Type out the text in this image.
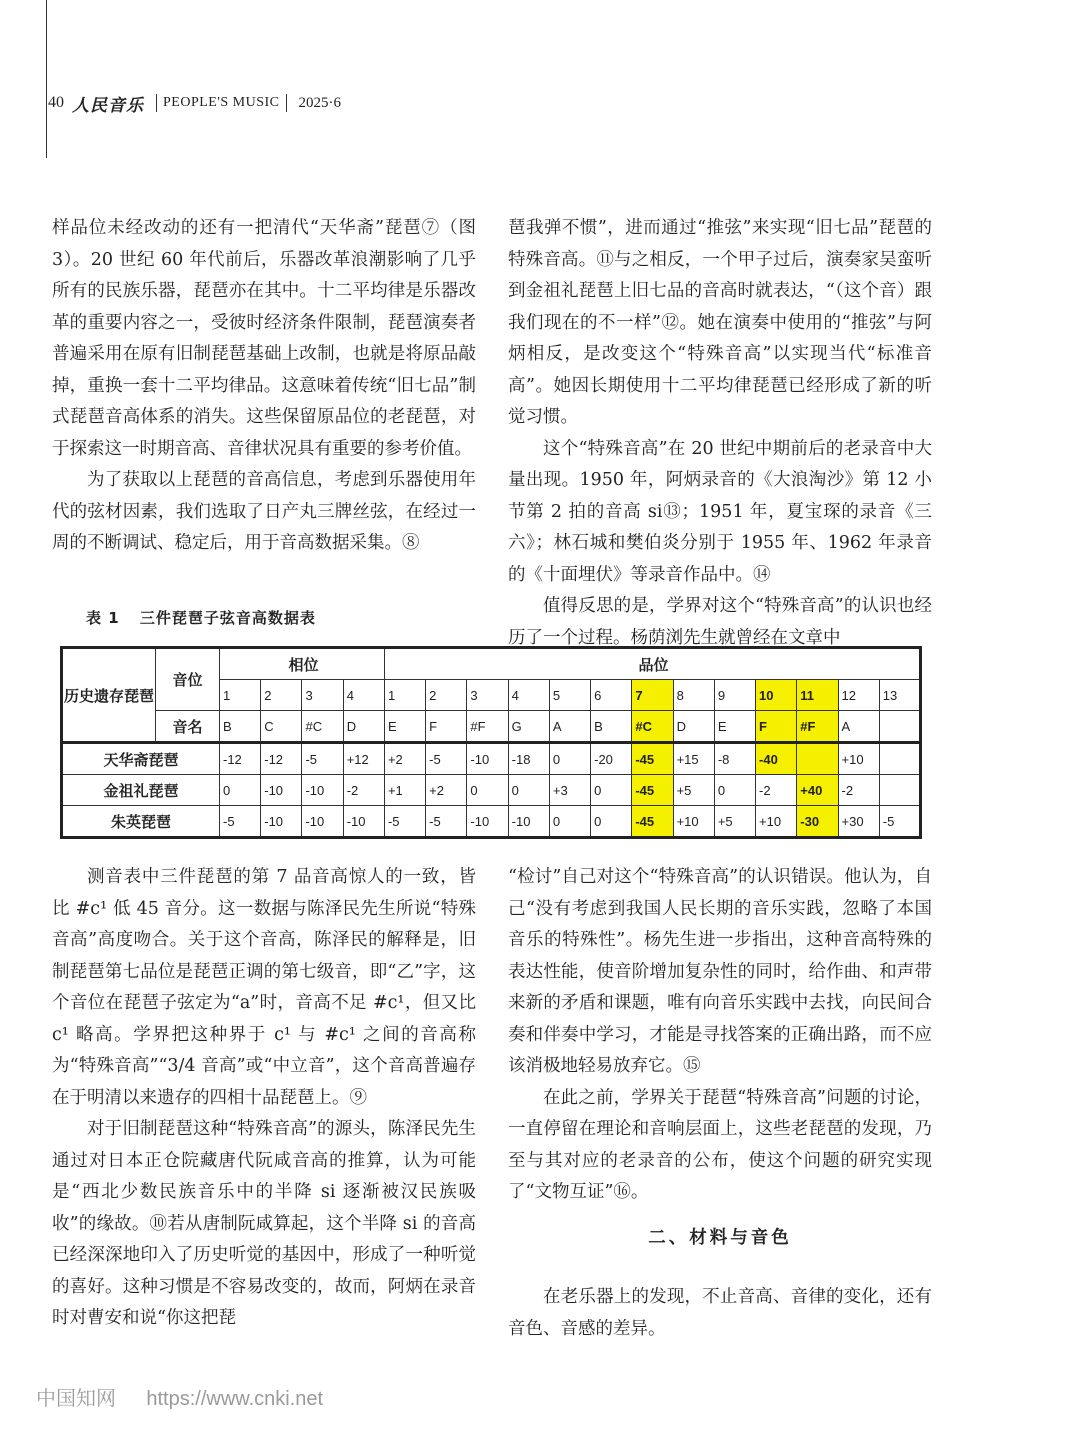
40 人民音乐 PEOPLE'S MUSIC 2025·6

样品位未经改动的还有一把清代“天华斋”琵琶⑦（图 3）。20 世纪 60 年代前后，乐器改革浪潮影响了几乎所有的民族乐器，琵琶亦在其中。十二平均律是乐器改革的重要内容之一，受彼时经济条件限制，琵琶演奏者普遍采用在原有旧制琵琶基础上改制，也就是将原品敲掉，重换一套十二平均律品。这意味着传统“旧七品”制式琵琶音高体系的消失。这些保留原品位的老琵琶，对于探索这一时期音高、音律状况具有重要的参考价值。

为了获取以上琵琶的音高信息，考虑到乐器使用年代的弦材因素，我们选取了日产丸三牌丝弦，在经过一周的不断调试、稳定后，用于音高数据采集。⑧

琶我弹不惯”，进而通过“推弦”来实现“旧七品”琵琶的特殊音高。⑪与之相反，一个甲子过后，演奏家吴蛮听到金祖礼琵琶上旧七品的音高时就表达，“（这个音）跟我们现在的不一样”⑫。她在演奏中使用的“推弦”与阿炳相反，是改变这个“特殊音高”以实现当代“标准音高”。她因长期使用十二平均律琵琶已经形成了新的听觉习惯。

这个“特殊音高”在 20 世纪中期前后的老录音中大量出现。1950 年，阿炳录音的《大浪淘沙》第 12 小节第 2 拍的音高 si⑬；1951 年，夏宝琛的录音《三六》；林石城和樊伯炎分别于 1955 年、1962 年录音的《十面埋伏》等录音作品中。⑭

值得反思的是，学界对这个“特殊音高”的认识也经历了一个过程。杨荫浏先生就曾经在文章中

表 1 三件琵琶子弦音高数据表
历史遗存琵琶	音位	相位				品位												
		1	2	3	4	1	2	3	4	5	6	7	8	9	10	11	12	13
	音名	B	C	#C	D	E	F	#F	G	A	B	#C	D	E	F	#F	A	
天华斋琵琶		-12	-12	-5	+12	+2	-5	-10	-18	0	-20	-45	+15	-8	-40		+10	
金祖礼琵琶		0	-10	-10	-2	+1	+2	0	0	+3	0	-45	+5	0	-2	+40	-2	
朱英琵琶		-5	-10	-10	-10	-5	-5	-10	-10	0	0	-45	+10	+5	+10	-30	+30	-5

测音表中三件琵琶的第 7 品音高惊人的一致，皆比 #c¹ 低 45 音分。这一数据与陈泽民先生所说“特殊音高”高度吻合。关于这个音高，陈泽民的解释是，旧制琵琶第七品位是琵琶正调的第七级音，即“乙”字，这个音位在琵琶子弦定为“a”时，音高不足 #c¹，但又比 c¹ 略高。学界把这种界于 c¹ 与 #c¹ 之间的音高称为“特殊音高”“3/4 音高”或“中立音”，这个音高普遍存在于明清以来遗存的四相十品琵琶上。⑨

对于旧制琵琶这种“特殊音高”的源头，陈泽民先生通过对日本正仓院藏唐代阮咸音高的推算，认为可能是“西北少数民族音乐中的半降 si 逐渐被汉民族吸收”的缘故。⑩若从唐制阮咸算起，这个半降 si 的音高已经深深地印入了历史听觉的基因中，形成了一种听觉的喜好。这种习惯是不容易改变的，故而，阿炳在录音时对曹安和说“你这把琵

“检讨”自己对这个“特殊音高”的认识错误。他认为，自己“没有考虑到我国人民长期的音乐实践，忽略了本国音乐的特殊性”。杨先生进一步指出，这种音高特殊的表达性能，使音阶增加复杂性的同时，给作曲、和声带来新的矛盾和课题，唯有向音乐实践中去找，向民间合奏和伴奏中学习，才能是寻找答案的正确出路，而不应该消极地轻易放弃它。⑮

在此之前，学界关于琵琶“特殊音高”问题的讨论，一直停留在理论和音响层面上，这些老琵琶的发现，乃至与其对应的老录音的公布，使这个问题的研究实现了“文物互证”⑯。

二、材料与音色

在老乐器上的发现，不止音高、音律的变化，还有音色、音感的差异。

中国知网 https://www.cnki.net
